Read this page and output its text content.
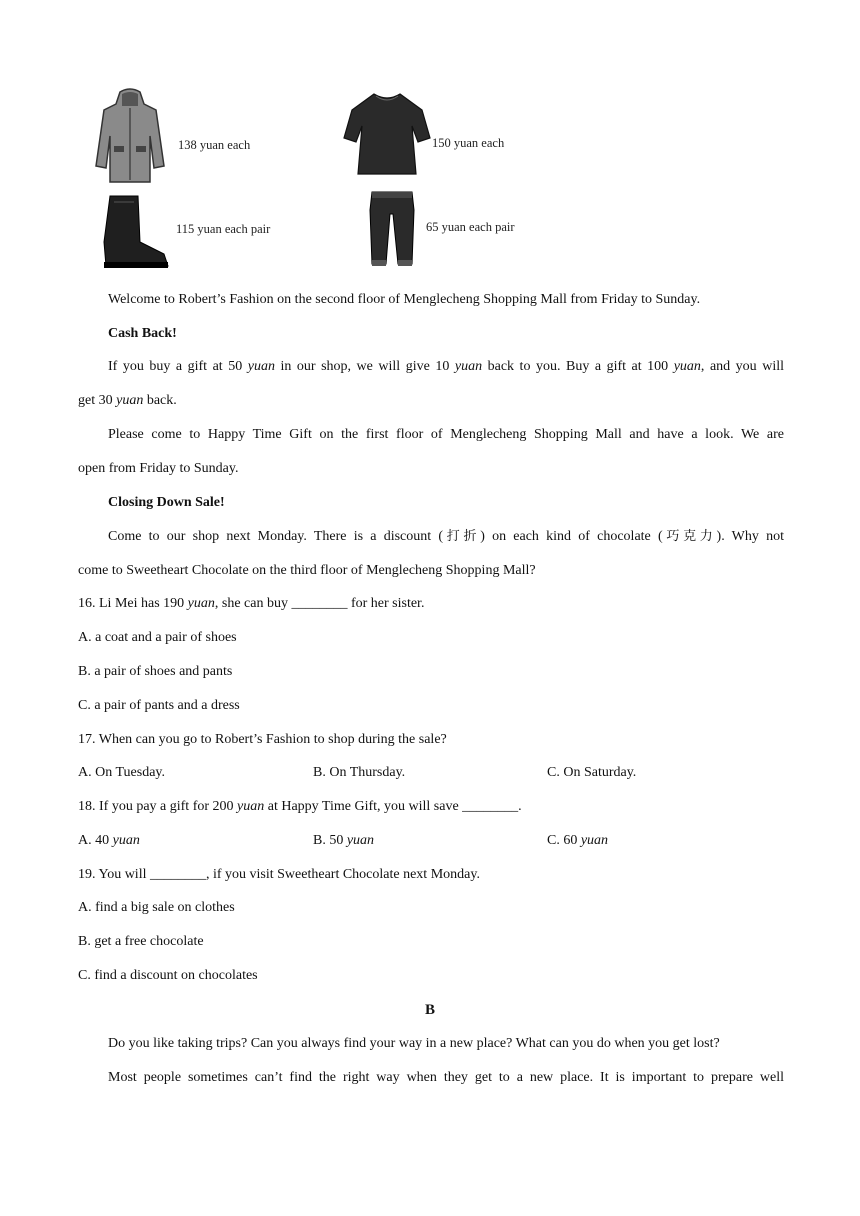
138 yuan each	150 yuan each
115 yuan each pair	65 yuan each pair
Welcome to Robert’s Fashion on the second floor of Menglecheng Shopping Mall from Friday to Sunday.
Cash Back!
If you buy a gift at 50 yuan in our shop, we will give 10 yuan back to you. Buy a gift at 100 yuan, and you will
get 30 yuan back.
Please come to Happy Time Gift on the first floor of Menglecheng Shopping Mall and have a look. We are
open from Friday to Sunday.
Closing Down Sale!
Come to our shop next Monday. There is a discount (打折) on each kind of chocolate (巧克力). Why not
come to Sweetheart Chocolate on the third floor of Menglecheng Shopping Mall?
16. Li Mei has 190 yuan, she can buy ________ for her sister.
A. a coat and a pair of shoes
B. a pair of shoes and pants
C. a pair of pants and a dress
17. When can you go to Robert’s Fashion to shop during the sale?
A. On Tuesday.	B. On Thursday.	C. On Saturday.
18. If you pay a gift for 200 yuan at Happy Time Gift, you will save ________.
A. 40 yuan	B. 50 yuan	C. 60 yuan
19. You will ________, if you visit Sweetheart Chocolate next Monday.
A. find a big sale on clothes
B. get a free chocolate
C. find a discount on chocolates
B
Do you like taking trips? Can you always find your way in a new place? What can you do when you get lost?
Most people sometimes can’t find the right way when they get to a new place. It is important to prepare well
